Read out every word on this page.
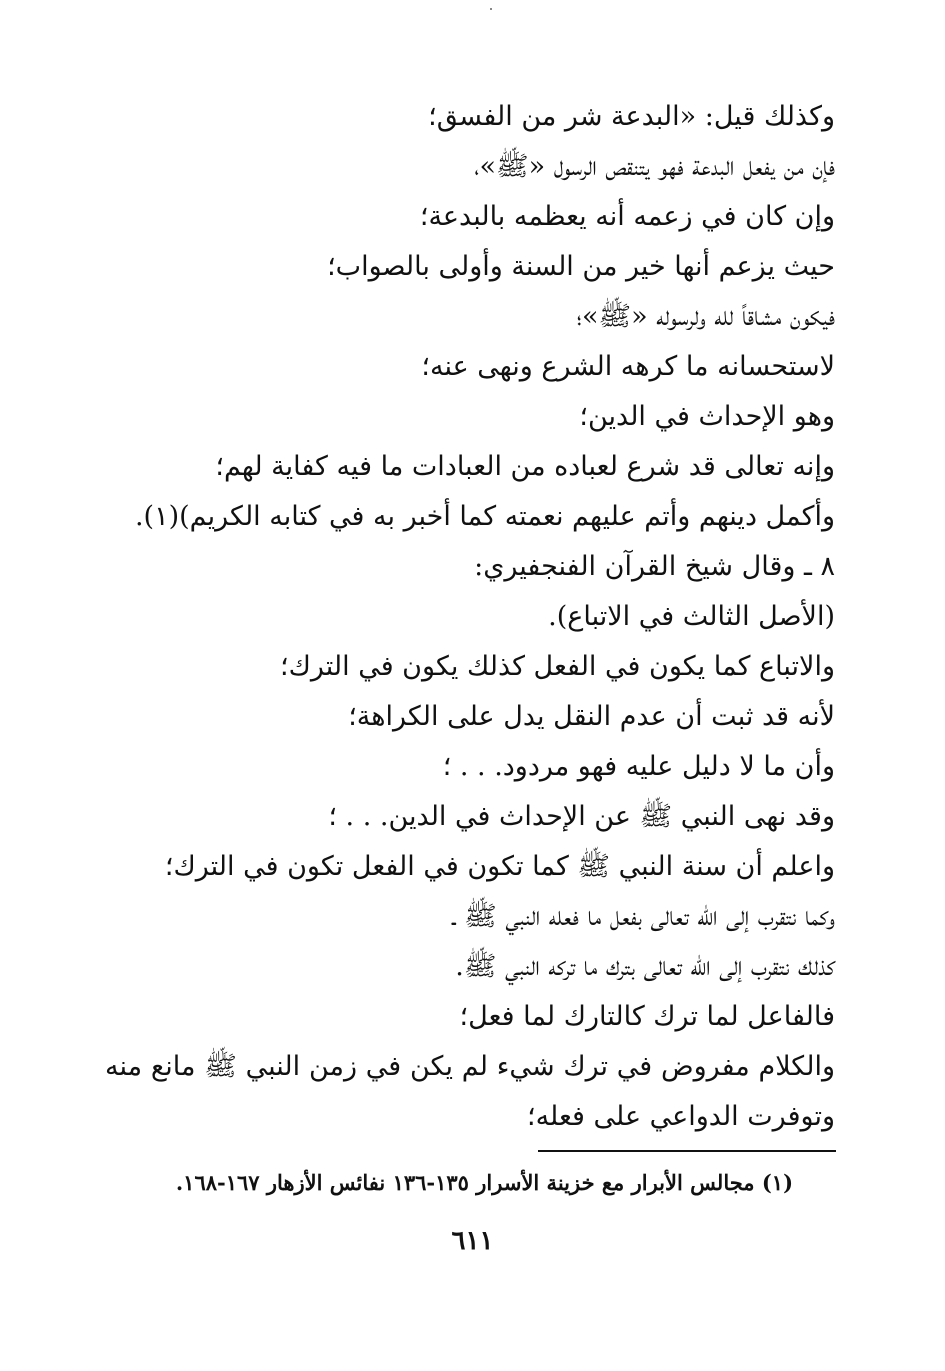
وكذلك قيل: «البدعة شر من الفسق؛
فإن من يفعل البدعة فهو يتنقص الرسول «ﷺ»،
وإن كان في زعمه أنه يعظمه بالبدعة؛
حيث يزعم أنها خير من السنة وأولى بالصواب؛
فيكون مشاقاً لله ولرسوله «ﷺ»؛
لاستحسانه ما كرهه الشرع ونهى عنه؛
وهو الإحداث في الدين؛
وإنه تعالى قد شرع لعباده من العبادات ما فيه كفاية لهم؛
وأكمل دينهم وأتم عليهم نعمته كما أخبر به في كتابه الكريم)(١).
٨ ـ وقال شيخ القرآن الفنجفيري:
(الأصل الثالث في الاتباع).
والاتباع كما يكون في الفعل كذلك يكون في الترك؛
لأنه قد ثبت أن عدم النقل يدل على الكراهة؛
وأن ما لا دليل عليه فهو مردود. . . ؛
وقد نهى النبي ﷺ عن الإحداث في الدين. . . ؛
واعلم أن سنة النبي ﷺ كما تكون في الفعل تكون في الترك؛
وكما نتقرب إلى الله تعالى بفعل ما فعله النبي ﷺ ـ
كذلك نتقرب إلى الله تعالى بترك ما تركه النبي ﷺ.
فالفاعل لما ترك كالتارك لما فعل؛
والكلام مفروض في ترك شيء لم يكن في زمن النبي ﷺ مانع منه
وتوفرت الدواعي على فعله؛
(١) مجالس الأبرار مع خزينة الأسرار ١٣٥-١٣٦ نفائس الأزهار ١٦٧-١٦٨.
٦١١
